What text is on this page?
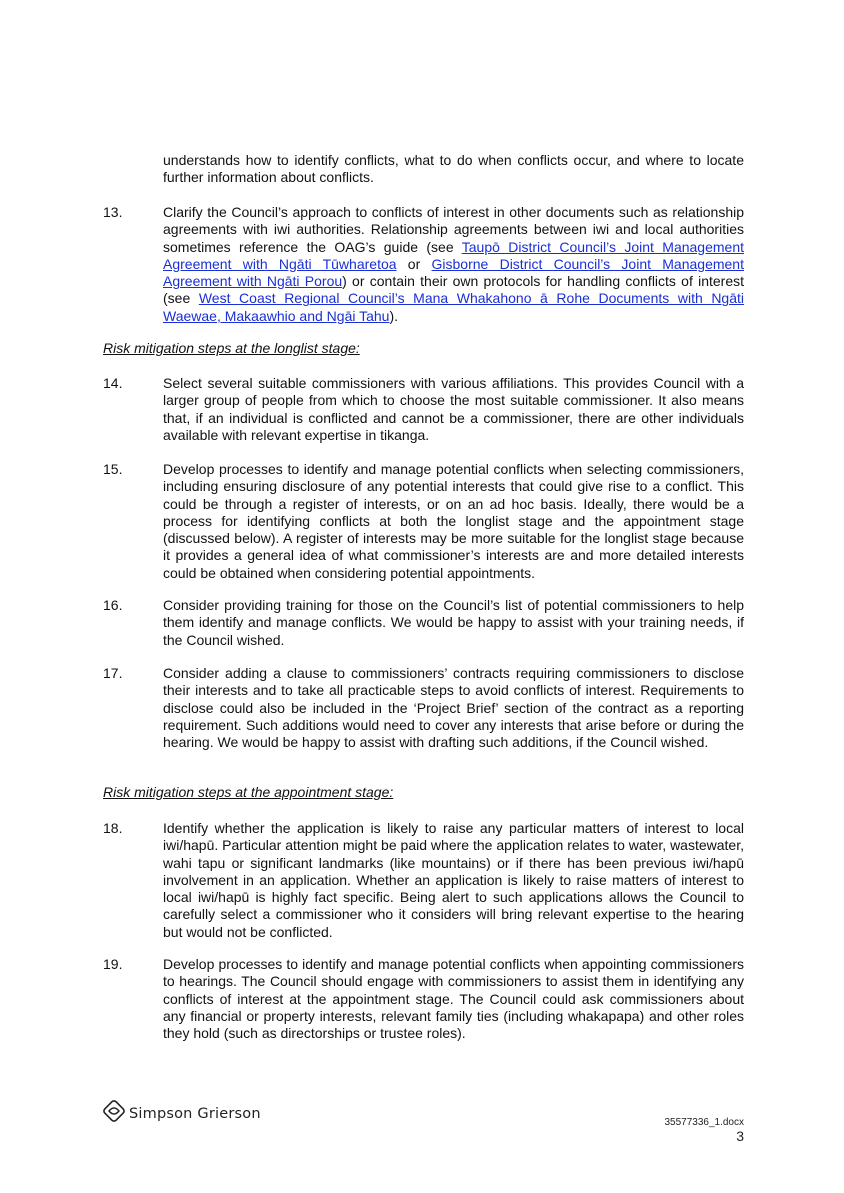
understands how to identify conflicts, what to do when conflicts occur, and where to locate further information about conflicts.
13.	Clarify the Council’s approach to conflicts of interest in other documents such as relationship agreements with iwi authorities. Relationship agreements between iwi and local authorities sometimes reference the OAG’s guide (see Taupō District Council’s Joint Management Agreement with Ngāti Tūwharetoa or Gisborne District Council’s Joint Management Agreement with Ngāti Porou) or contain their own protocols for handling conflicts of interest (see West Coast Regional Council’s Mana Whakahono ā Rohe Documents with Ngāti Waewae, Makaawhio and Ngāi Tahu).
Risk mitigation steps at the longlist stage:
14.	Select several suitable commissioners with various affiliations. This provides Council with a larger group of people from which to choose the most suitable commissioner. It also means that, if an individual is conflicted and cannot be a commissioner, there are other individuals available with relevant expertise in tikanga.
15.	Develop processes to identify and manage potential conflicts when selecting commissioners, including ensuring disclosure of any potential interests that could give rise to a conflict. This could be through a register of interests, or on an ad hoc basis. Ideally, there would be a process for identifying conflicts at both the longlist stage and the appointment stage (discussed below). A register of interests may be more suitable for the longlist stage because it provides a general idea of what commissioner’s interests are and more detailed interests could be obtained when considering potential appointments.
16.	Consider providing training for those on the Council’s list of potential commissioners to help them identify and manage conflicts. We would be happy to assist with your training needs, if the Council wished.
17.	Consider adding a clause to commissioners’ contracts requiring commissioners to disclose their interests and to take all practicable steps to avoid conflicts of interest. Requirements to disclose could also be included in the ‘Project Brief’ section of the contract as a reporting requirement. Such additions would need to cover any interests that arise before or during the hearing. We would be happy to assist with drafting such additions, if the Council wished.
Risk mitigation steps at the appointment stage:
18.	Identify whether the application is likely to raise any particular matters of interest to local iwi/hapū. Particular attention might be paid where the application relates to water, wastewater, wahi tapu or significant landmarks (like mountains) or if there has been previous iwi/hapū involvement in an application. Whether an application is likely to raise matters of interest to local iwi/hapū is highly fact specific. Being alert to such applications allows the Council to carefully select a commissioner who it considers will bring relevant expertise to the hearing but would not be conflicted.
19.	Develop processes to identify and manage potential conflicts when appointing commissioners to hearings. The Council should engage with commissioners to assist them in identifying any conflicts of interest at the appointment stage. The Council could ask commissioners about any financial or property interests, relevant family ties (including whakapapa) and other roles they hold (such as directorships or trustee roles).
Simpson Grierson
35577336_1.docx
3
